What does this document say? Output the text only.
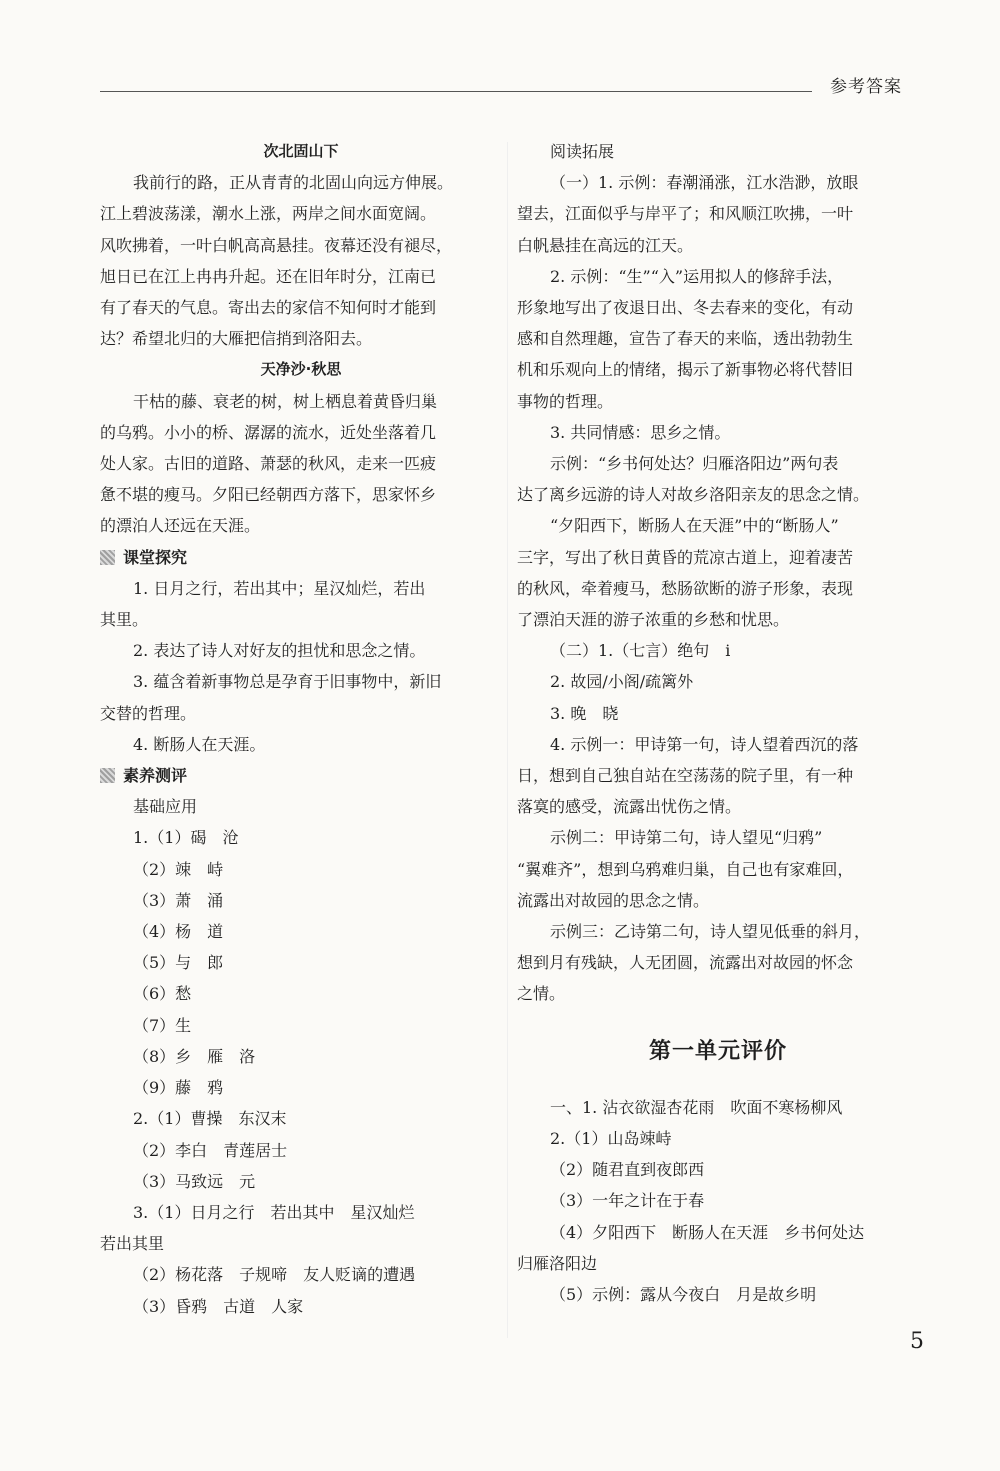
参考答案
次北固山下
我前行的路，正从青青的北固山向远方伸展。
江上碧波荡漾，潮水上涨，两岸之间水面宽阔。
风吹拂着，一叶白帆高高悬挂。夜幕还没有褪尽，
旭日已在江上冉冉升起。还在旧年时分，江南已
有了春天的气息。寄出去的家信不知何时才能到
达？希望北归的大雁把信捎到洛阳去。
天净沙·秋思
干枯的藤、衰老的树，树上栖息着黄昏归巢
的乌鸦。小小的桥、潺潺的流水，近处坐落着几
处人家。古旧的道路、萧瑟的秋风，走来一匹疲
惫不堪的瘦马。夕阳已经朝西方落下，思家怀乡
的漂泊人还远在天涯。
课堂探究
1. 日月之行，若出其中；星汉灿烂，若出
其里。
2. 表达了诗人对好友的担忧和思念之情。
3. 蕴含着新事物总是孕育于旧事物中，新旧
交替的哲理。
4. 断肠人在天涯。
素养测评
基础应用
1.（1）碣　沧
（2）竦　峙
（3）萧　涌
（4）杨　道
（5）与　郎
（6）愁
（7）生
（8）乡　雁　洛
（9）藤　鸦
2.（1）曹操　东汉末
（2）李白　青莲居士
（3）马致远　元
3.（1）日月之行　若出其中　星汉灿烂
若出其里
（2）杨花落　子规啼　友人贬谪的遭遇
（3）昏鸦　古道　人家
阅读拓展
（一）1. 示例：春潮涌涨，江水浩渺，放眼
望去，江面似乎与岸平了；和风顺江吹拂，一叶
白帆悬挂在高远的江天。
2. 示例：“生”“入”运用拟人的修辞手法，
形象地写出了夜退日出、冬去春来的变化，有动
感和自然理趣，宣告了春天的来临，透出勃勃生
机和乐观向上的情绪，揭示了新事物必将代替旧
事物的哲理。
3. 共同情感：思乡之情。
示例：“乡书何处达？归雁洛阳边”两句表
达了离乡远游的诗人对故乡洛阳亲友的思念之情。
“夕阳西下，断肠人在天涯”中的“断肠人”
三字，写出了秋日黄昏的荒凉古道上，迎着凄苦
的秋风，牵着瘦马，愁肠欲断的游子形象，表现
了漂泊天涯的游子浓重的乡愁和忧思。
（二）1.（七言）绝句　i
2. 故园/小阁/疏篱外
3. 晚　晓
4. 示例一：甲诗第一句，诗人望着西沉的落
日，想到自己独自站在空荡荡的院子里，有一种
落寞的感受，流露出忧伤之情。
示例二：甲诗第二句，诗人望见“归鸦”
“翼难齐”，想到乌鸦难归巢，自己也有家难回，
流露出对故园的思念之情。
示例三：乙诗第二句，诗人望见低垂的斜月，
想到月有残缺，人无团圆，流露出对故园的怀念
之情。
第一单元评价
一、1. 沾衣欲湿杏花雨　吹面不寒杨柳风
2.（1）山岛竦峙
（2）随君直到夜郎西
（3）一年之计在于春
（4）夕阳西下　断肠人在天涯　乡书何处达
归雁洛阳边
（5）示例：露从今夜白　月是故乡明
5
